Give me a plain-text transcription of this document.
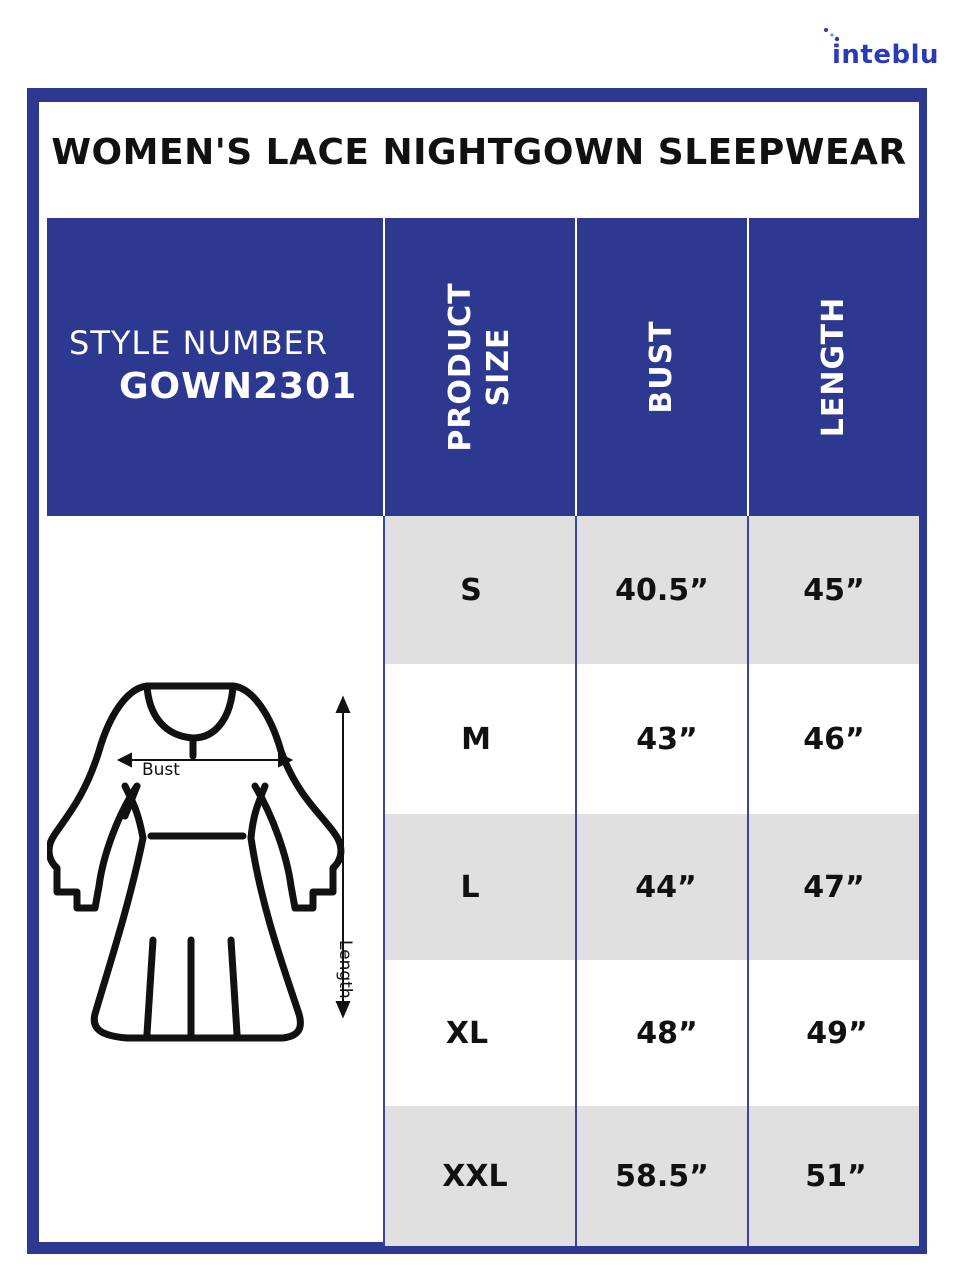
inteblu
WOMEN'S LACE NIGHTGOWN SLEEPWEAR
STYLE NUMBER
GOWN2301	PRODUCT SIZE	BUST	LENGTH
S	40.5”	45”
M	43”	46”
L	44”	47”
XL	48”	49”
XXL	58.5”	51”
Bust
Length
